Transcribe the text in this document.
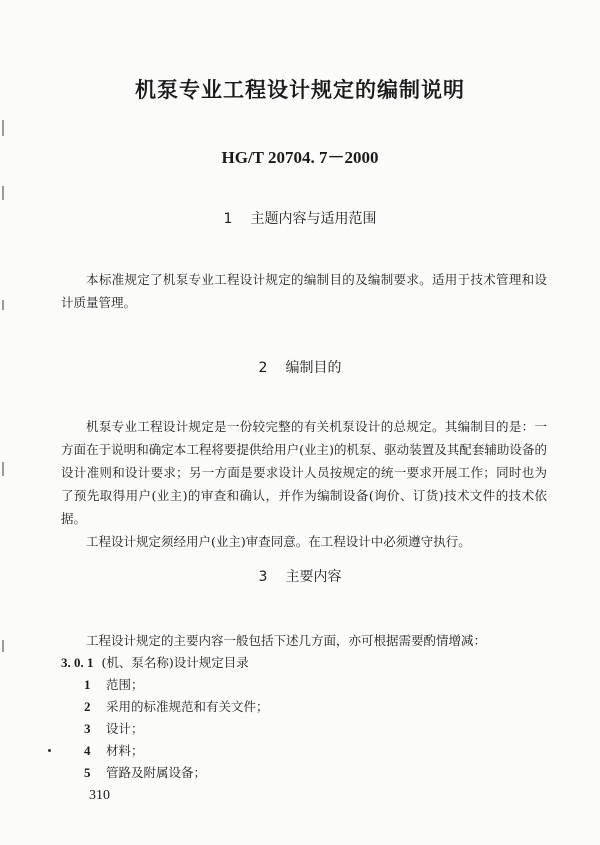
机泵专业工程设计规定的编制说明
HG/T 20704. 7－2000
1 主题内容与适用范围

本标准规定了机泵专业工程设计规定的编制目的及编制要求。适用于技术管理和设计质量管理。

2 编制目的

机泵专业工程设计规定是一份较完整的有关机泵设计的总规定。其编制目的是：一方面在于说明和确定本工程将要提供给用户(业主)的机泵、驱动装置及其配套辅助设备的设计准则和设计要求；另一方面是要求设计人员按规定的统一要求开展工作；同时也为了预先取得用户(业主)的审查和确认，并作为编制设备(询价、订货)技术文件的技术依据。

工程设计规定须经用户(业主)审查同意。在工程设计中必须遵守执行。

3 主要内容
工程设计规定的主要内容一般包括下述几方面，亦可根据需要酌情增减：
3. 0. 1 (机、泵名称)设计规定目录
1 范围；
2 采用的标准规范和有关文件；
3 设计；
4 材料；
5 管路及附属设备；
310
